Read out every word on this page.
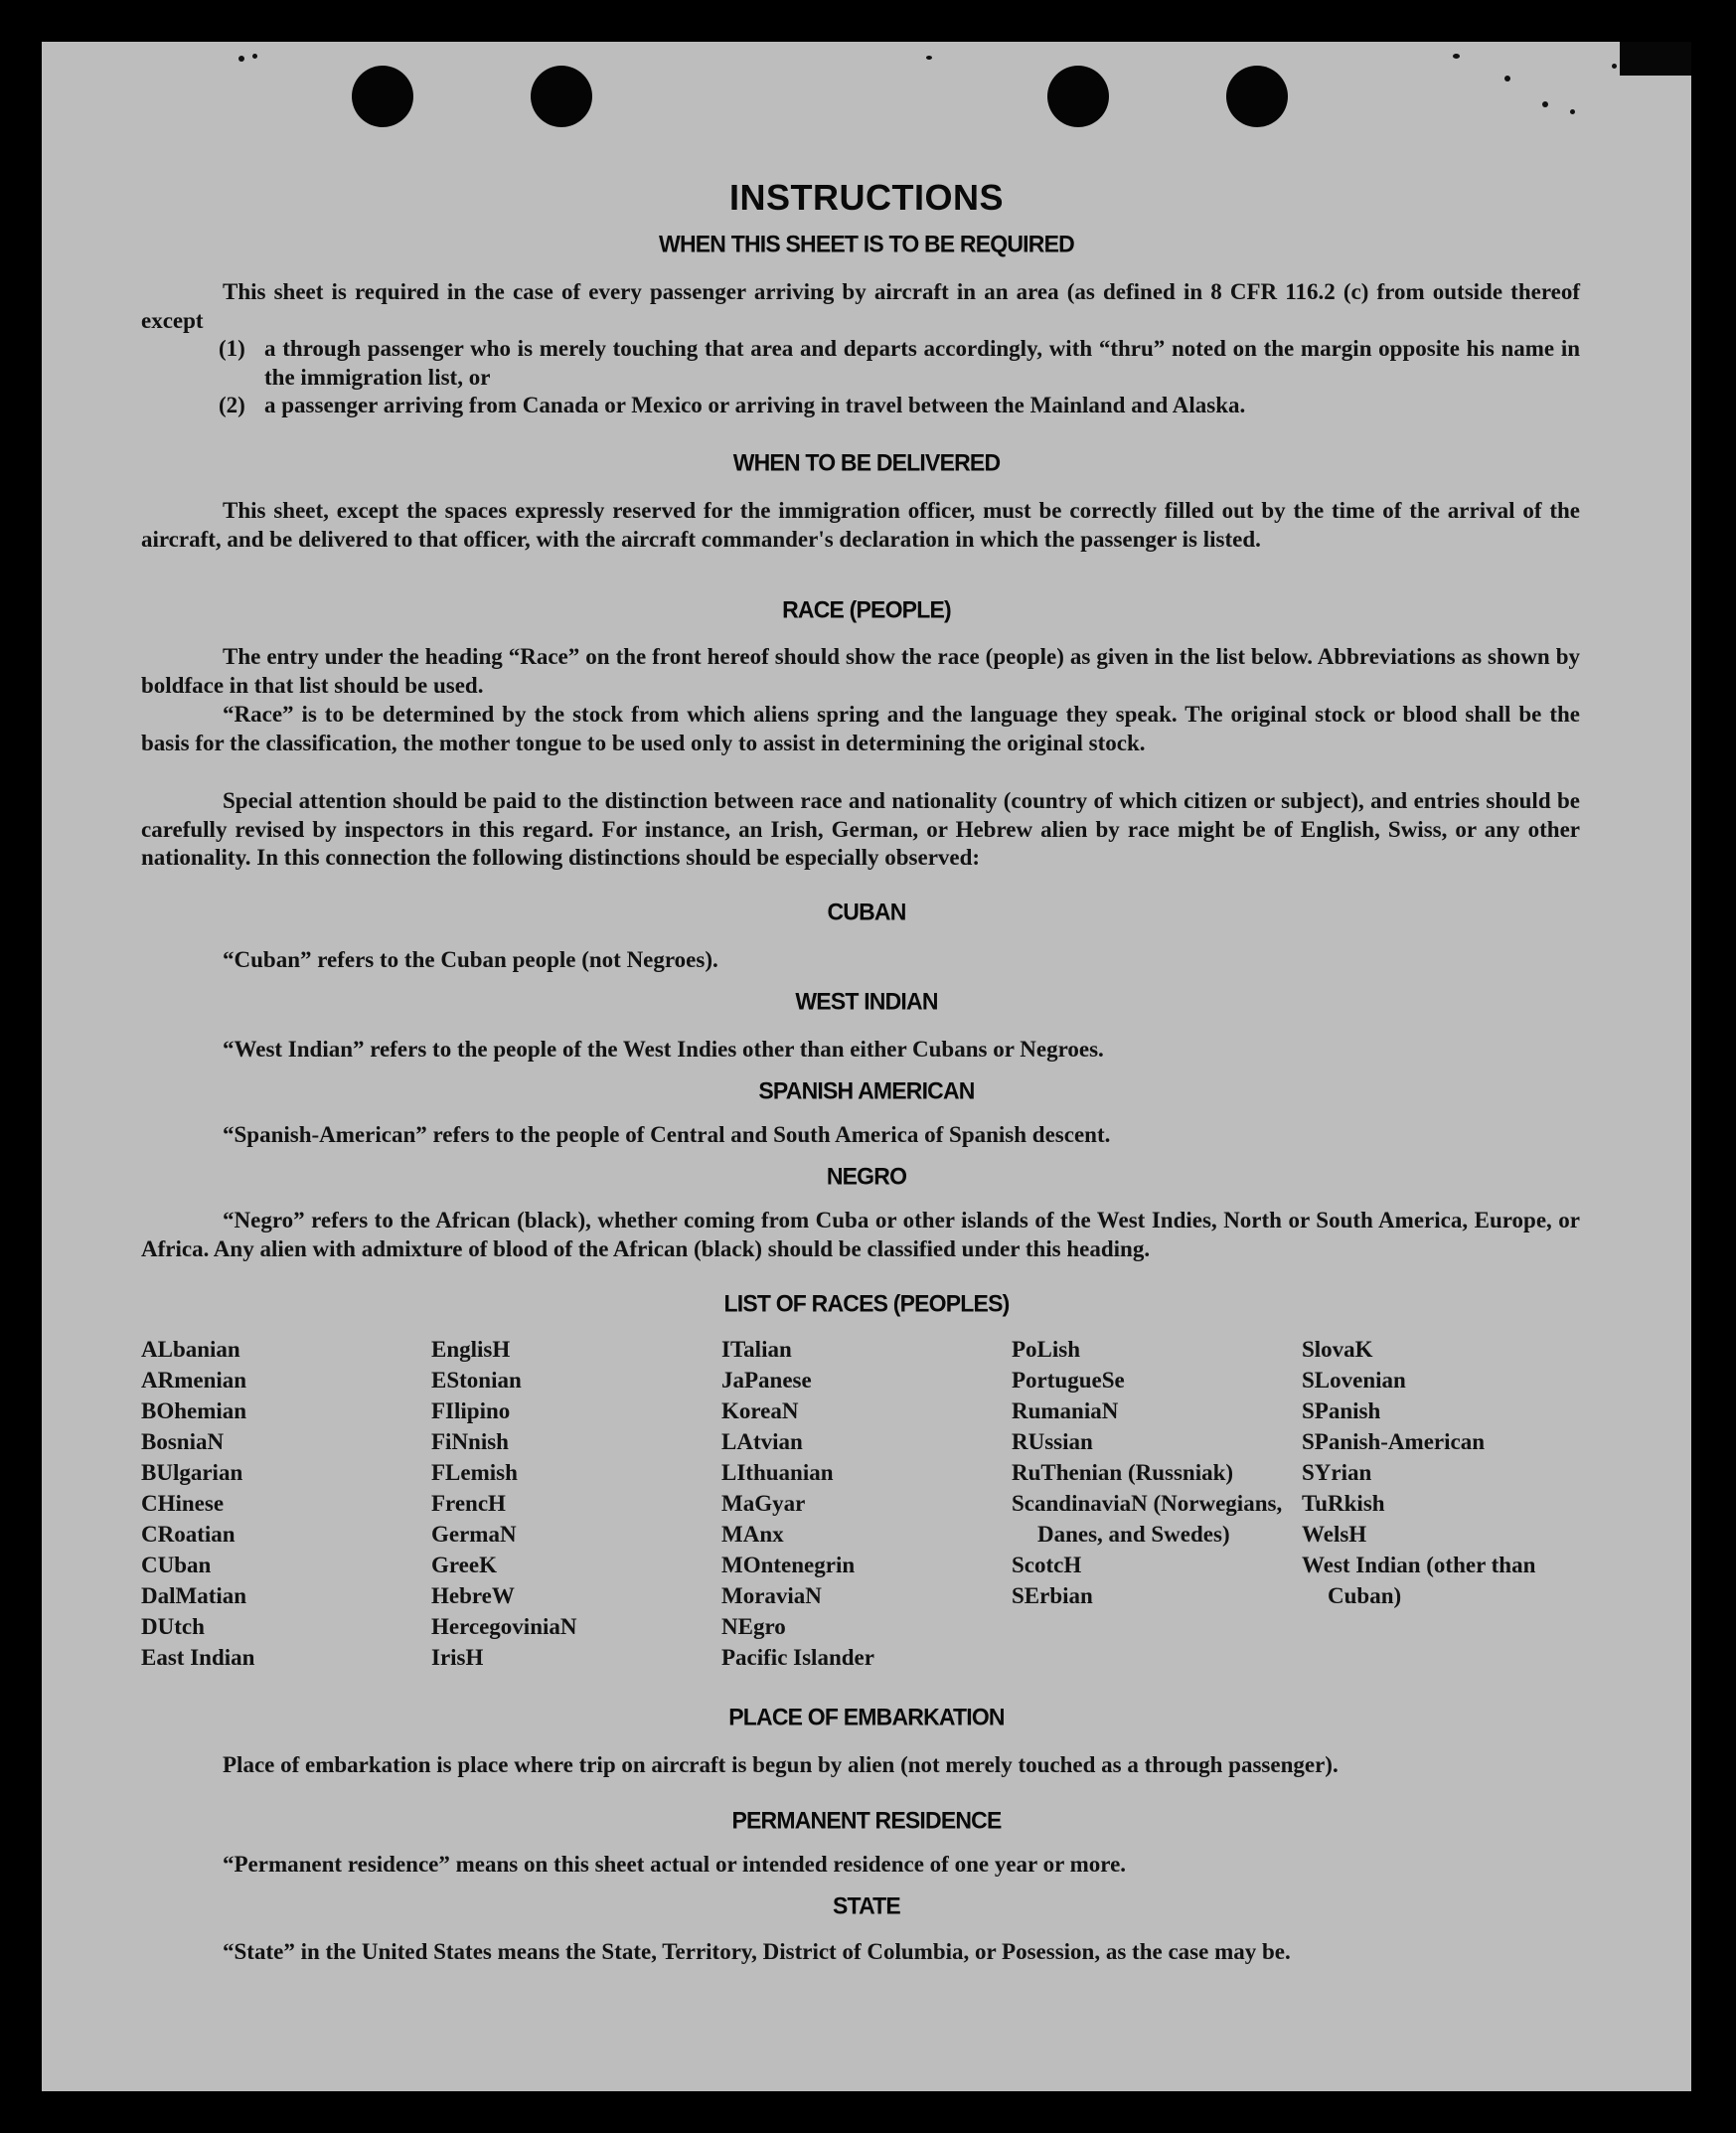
INSTRUCTIONS
WHEN THIS SHEET IS TO BE REQUIRED
This sheet is required in the case of every passenger arriving by aircraft in an area (as defined in 8 CFR 116.2 (c) from outside thereof except
(1) a through passenger who is merely touching that area and departs accordingly, with “thru” noted on the margin opposite his name in the immigration list, or
(2) a passenger arriving from Canada or Mexico or arriving in travel between the Mainland and Alaska.
WHEN TO BE DELIVERED
This sheet, except the spaces expressly reserved for the immigration officer, must be correctly filled out by the time of the arrival of the aircraft, and be delivered to that officer, with the aircraft commander's declaration in which the passenger is listed.
RACE (PEOPLE)
The entry under the heading “Race” on the front hereof should show the race (people) as given in the list below. Abbreviations as shown by boldface in that list should be used.
“Race” is to be determined by the stock from which aliens spring and the language they speak. The original stock or blood shall be the basis for the classification, the mother tongue to be used only to assist in determining the original stock.
Special attention should be paid to the distinction between race and nationality (country of which citizen or subject), and entries should be carefully revised by inspectors in this regard. For instance, an Irish, German, or Hebrew alien by race might be of English, Swiss, or any other nationality. In this connection the following distinctions should be especially observed:
CUBAN
“Cuban” refers to the Cuban people (not Negroes).
WEST INDIAN
“West Indian” refers to the people of the West Indies other than either Cubans or Negroes.
SPANISH AMERICAN
“Spanish-American” refers to the people of Central and South America of Spanish descent.
NEGRO
“Negro” refers to the African (black), whether coming from Cuba or other islands of the West Indies, North or South America, Europe, or Africa. Any alien with admixture of blood of the African (black) should be classified under this heading.
LIST OF RACES (PEOPLES)
ALbanian
ARmenian
BOhemian
BosniaN
BUlgarian
CHinese
CRoatian
CUban
DalMatian
DUtch
East Indian
EnglisH
EStonian
FIlipino
FiNnish
FLemish
FrencH
GermaN
GreeK
HebreW
HercegoviniaN
IrisH
ITalian
JaPanese
KoreaN
LAtvian
LIthuanian
MaGyar
MAnx
MOntenegrin
MoraviaN
NEgro
Pacific Islander
PoLish
PortugueSe
RumaniaN
RUssian
RuThenian (Russniak)
ScandinaviaN (Norwegians, Danes, and Swedes)
ScotcH
SErbian
SlovaK
SLovenian
SPanish
SPanish-American
SYrian
TuRkish
WelsH
West Indian (other than Cuban)
PLACE OF EMBARKATION
Place of embarkation is place where trip on aircraft is begun by alien (not merely touched as a through passenger).
PERMANENT RESIDENCE
“Permanent residence” means on this sheet actual or intended residence of one year or more.
STATE
“State” in the United States means the State, Territory, District of Columbia, or Posession, as the case may be.
